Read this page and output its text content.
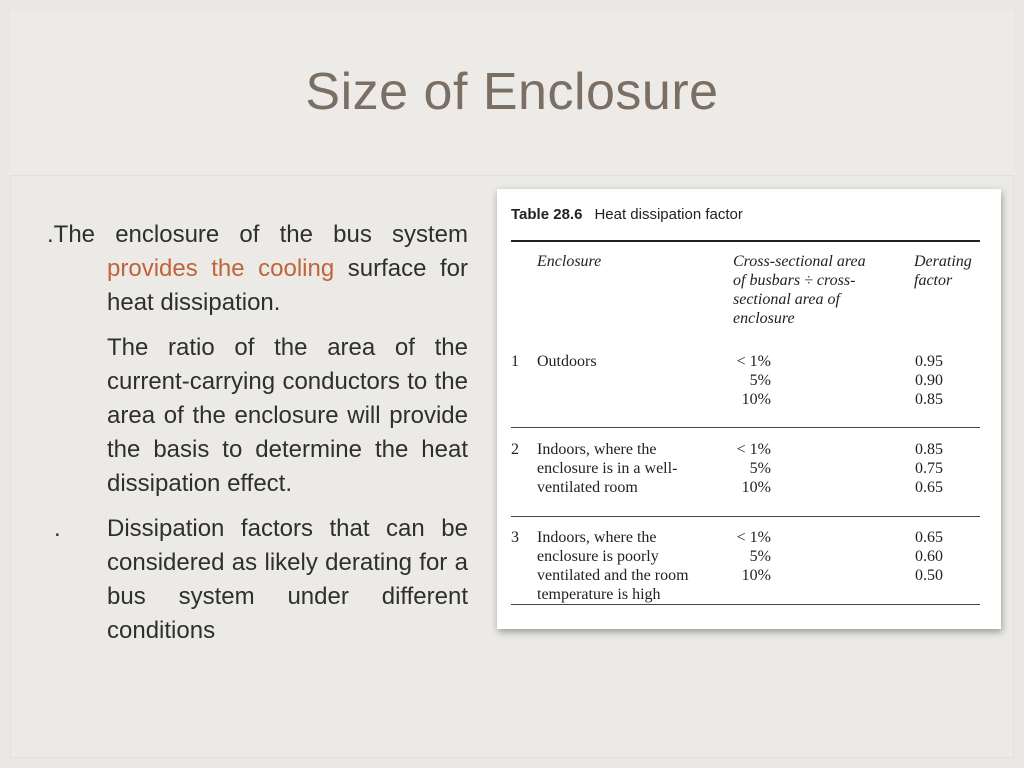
Size of Enclosure

.The enclosure of the bus system provides the cooling surface for heat dissipation.

The ratio of the area of the current-carrying conductors to the area of the enclosure will provide the basis to determine the heat dissipation effect.

. Dissipation factors that can be considered as likely derating for a bus system under different conditions

Table 28.6 Heat dissipation factor
Enclosure	Cross-sectional area
of busbars ÷ cross-
sectional area of
enclosure
Derating
factor
1 Outdoors	< 1%
5%
10%
0.95
0.90
0.85
2 Indoors, where the
enclosure is in a well-
ventilated room
< 1%
5%
10%
0.85
0.75
0.65
3 Indoors, where the
enclosure is poorly
ventilated and the room
temperature is high
< 1%
5%
10%
0.65
0.60
0.50
